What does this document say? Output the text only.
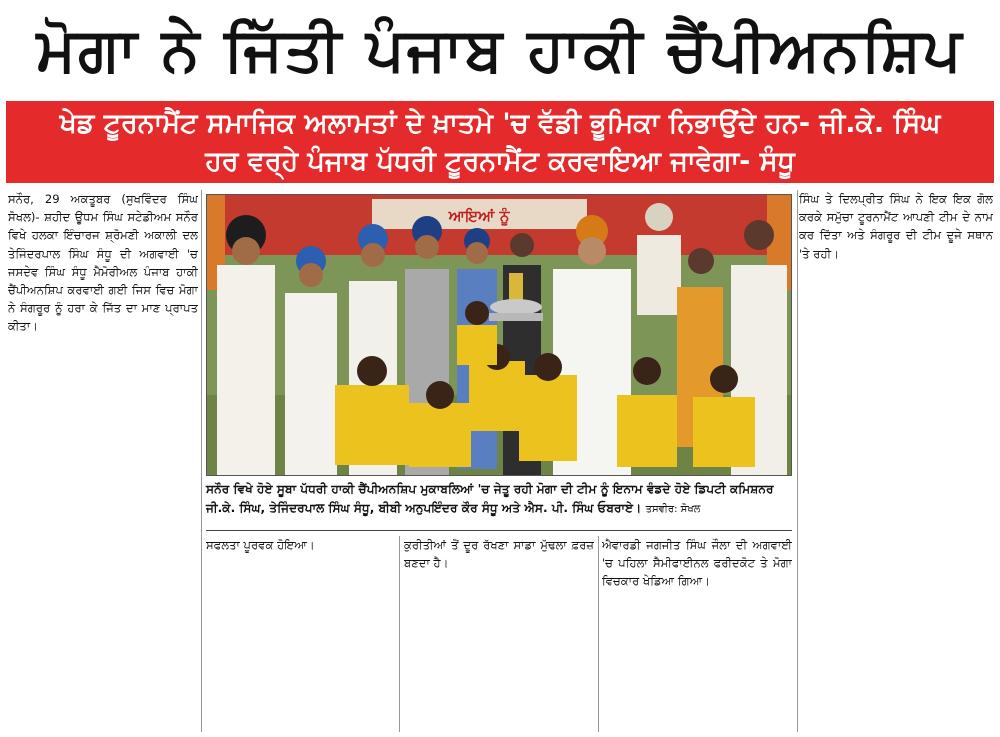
ਮੋਗਾ ਨੇ ਜਿੱਤੀ ਪੰਜਾਬ ਹਾਕੀ ਚੈਂਪੀਅਨਸ਼ਿਪ
ਖੇਡ ਟੂਰਨਾਮੈਂਟ ਸਮਾਜਿਕ ਅਲਾਮਤਾਂ ਦੇ ਖ਼ਾਤਮੇ 'ਚ ਵੱਡੀ ਭੂਮਿਕਾ ਨਿਭਾਉਂਦੇ ਹਨ- ਜੀ.ਕੇ. ਸਿੰਘ
ਹਰ ਵਰ੍ਹੇ ਪੰਜਾਬ ਪੱਧਰੀ ਟੂਰਨਾਮੈਂਟ ਕਰਵਾਇਆ ਜਾਵੇਗਾ- ਸੰਧੂ
ਸਨੌਰ, 29 ਅਕਤੂਬਰ (ਸੁਖਵਿੰਦਰ ਸਿੰਘ ਸੋਖਲ)- ਸ਼ਹੀਦ ਊਧਮ ਸਿੰਘ ਸਟੇਡੀਅਮ ਸਨੌਰ ਵਿਖੇ ਹਲਕਾ ਇੰਚਾਰਜ ਸ਼੍ਰੋਮਣੀ ਅਕਾਲੀ ਦਲ ਤੇਜਿੰਦਰਪਾਲ ਸਿੰਘ ਸੰਧੂ ਦੀ ਅਗਵਾਈ 'ਚ ਜਸਦੇਵ ਸਿੰਘ ਸੰਧੂ ਮੈਮੋਰੀਅਲ ਪੰਜਾਬ ਹਾਕੀ ਚੈਂਪੀਅਨਸ਼ਿਪ ਕਰਵਾਈ ਗਈ ਜਿਸ ਵਿਚ ਮੋਗਾ ਨੇ ਸੰਗਰੂਰ ਨੂੰ ਹਰਾ ਕੇ ਜਿੱਤ ਦਾ ਮਾਣ ਪ੍ਰਾਪਤ ਕੀਤਾ।
ਆਇਆਂ ਨੂੰ
ਸਨੌਰ ਵਿਖੇ ਹੋਏ ਸੂਬਾ ਪੱਧਰੀ ਹਾਕੀ ਚੈਂਪੀਅਨਸ਼ਿਪ ਮੁਕਾਬਲਿਆਂ 'ਚ ਜੇਤੂ ਰਹੀ ਮੋਗਾ ਦੀ ਟੀਮ ਨੂੰ ਇਨਾਮ ਵੰਡਦੇ ਹੋਏ ਡਿਪਟੀ ਕਮਿਸ਼ਨਰ ਜੀ.ਕੇ. ਸਿੰਘ, ਤੇਜਿੰਦਰਪਾਲ ਸਿੰਘ ਸੰਧੂ, ਬੀਬੀ ਅਨੁਪਇੰਦਰ ਕੌਰ ਸੰਧੂ ਅਤੇ ਐਸ. ਪੀ. ਸਿੰਘ ਓਬਰਾਏ। ਤਸਵੀਰ: ਸੋਖਲ
ਸਫਲਤਾ ਪੂਰਵਕ ਹੋਇਆ।	ਕੁਰੀਤੀਆਂ ਤੋਂ ਦੂਰ ਰੱਖਣਾ ਸਾਡਾ ਮੁੱਢਲਾ ਫ਼ਰਜ਼ ਬਣਦਾ ਹੈ।
ਐਵਾਰਡੀ ਜਗਜੀਤ ਸਿੰਘ ਜੌਲਾ ਦੀ ਅਗਵਾਈ 'ਚ ਪਹਿਲਾ ਸੈਮੀਫਾਈਨਲ ਫਰੀਦਕੋਟ ਤੇ ਮੋਗਾ ਵਿਚਕਾਰ ਖੇਡਿਆ ਗਿਆ।
ਸਿੰਘ ਤੇ ਦਿਲਪ੍ਰੀਤ ਸਿੰਘ ਨੇ ਇਕ ਇਕ ਗੋਲ ਕਰਕੇ ਸਮੁੱਚਾ ਟੂਰਨਾਮੈਂਟ ਆਪਣੀ ਟੀਮ ਦੇ ਨਾਮ ਕਰ ਦਿੱਤਾ ਅਤੇ ਸੰਗਰੂਰ ਦੀ ਟੀਮ ਦੂਜੇ ਸਥਾਨ 'ਤੇ ਰਹੀ।
